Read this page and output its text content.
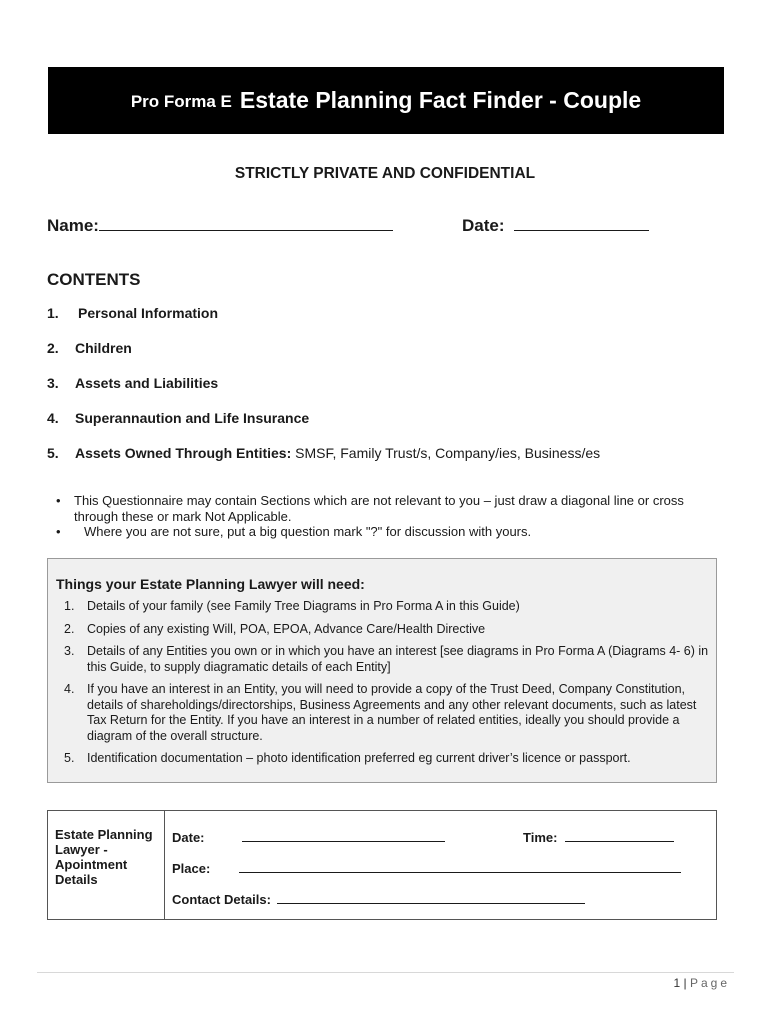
Pro Forma E Estate Planning Fact Finder - Couple
STRICTLY PRIVATE AND CONFIDENTIAL
Name:	Date:
CONTENTS
1. Personal Information
2. Children
3. Assets and Liabilities
4. Superannaution and Life Insurance
5. Assets Owned Through Entities: SMSF, Family Trust/s, Company/ies, Business/es
• This Questionnaire may contain Sections which are not relevant to you – just draw a diagonal line or cross through these or mark Not Applicable.
• Where you are not sure, put a big question mark "?" for discussion with yours.
Things your Estate Planning Lawyer will need:
1. Details of your family (see Family Tree Diagrams in Pro Forma A in this Guide)
2. Copies of any existing Will, POA, EPOA, Advance Care/Health Directive
3. Details of any Entities you own or in which you have an interest [see diagrams in Pro Forma A (Diagrams 4- 6) in this Guide, to supply diagramatic details of each Entity]
4. If you have an interest in an Entity, you will need to provide a copy of the Trust Deed, Company Constitution, details of shareholdings/directorships, Business Agreements and any other relevant documents, such as latest Tax Return for the Entity. If you have an interest in a number of related entities, ideally you should provide a diagram of the overall structure.
5. Identification documentation – photo identification preferred eg current driver’s licence or passport.
Estate Planning Lawyer - Apointment Details
Date:	Time:
Place:
Contact Details:
1 | Page
